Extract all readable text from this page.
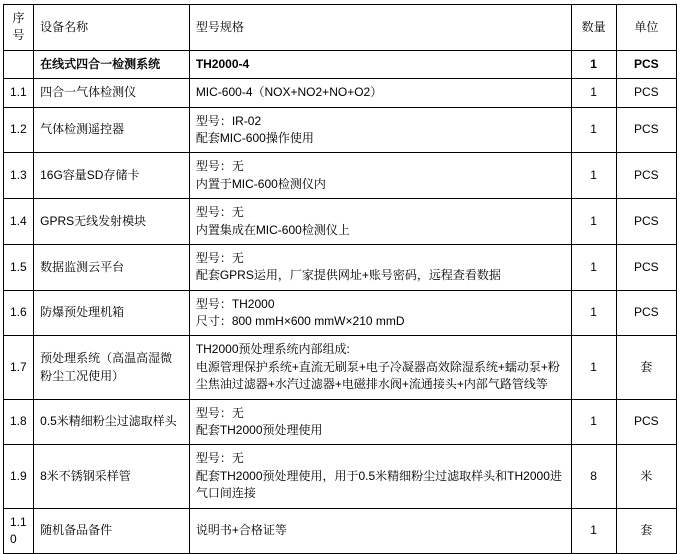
序
号	设备名称	型号规格	数量	单位
	在线式四合一检测系统	TH2000-4	1	PCS
1.1	四合一气体检测仪	MIC-600-4（NOX+NO2+NO+O2）	1	PCS
1.2	气体检测遥控器	型号：IR-02
配套MIC-600操作使用	1	PCS
1.3	16G容量SD存储卡	型号：无
内置于MIC-600检测仪内	1	PCS
1.4	GPRS无线发射模块	型号：无
内置集成在MIC-600检测仪上	1	PCS
1.5	数据监测云平台	型号：无
配套GPRS运用，厂家提供网址+账号密码，远程查看数据	1	PCS
1.6	防爆预处理机箱	型号：TH2000
尺寸：800 mmH×600 mmW×210 mmD	1	PCS
1.7	预处理系统（高温高湿微粉尘工况使用）	TH2000预处理系统内部组成:
电源管理保护系统+直流无刷泵+电子冷凝器高效除湿系统+蠕动泵+粉尘焦油过滤器+水汽过滤器+电磁排水阀+流通接头+内部气路管线等	1	套
1.8	0.5米精细粉尘过滤取样头	型号：无
配套TH2000预处理使用	1	PCS
1.9	8米不锈钢采样管	型号：无
配套TH2000预处理使用，用于0.5米精细粉尘过滤取样头和TH2000进气口间连接	8	米
1.10	随机备品备件	说明书+合格证等	1	套
